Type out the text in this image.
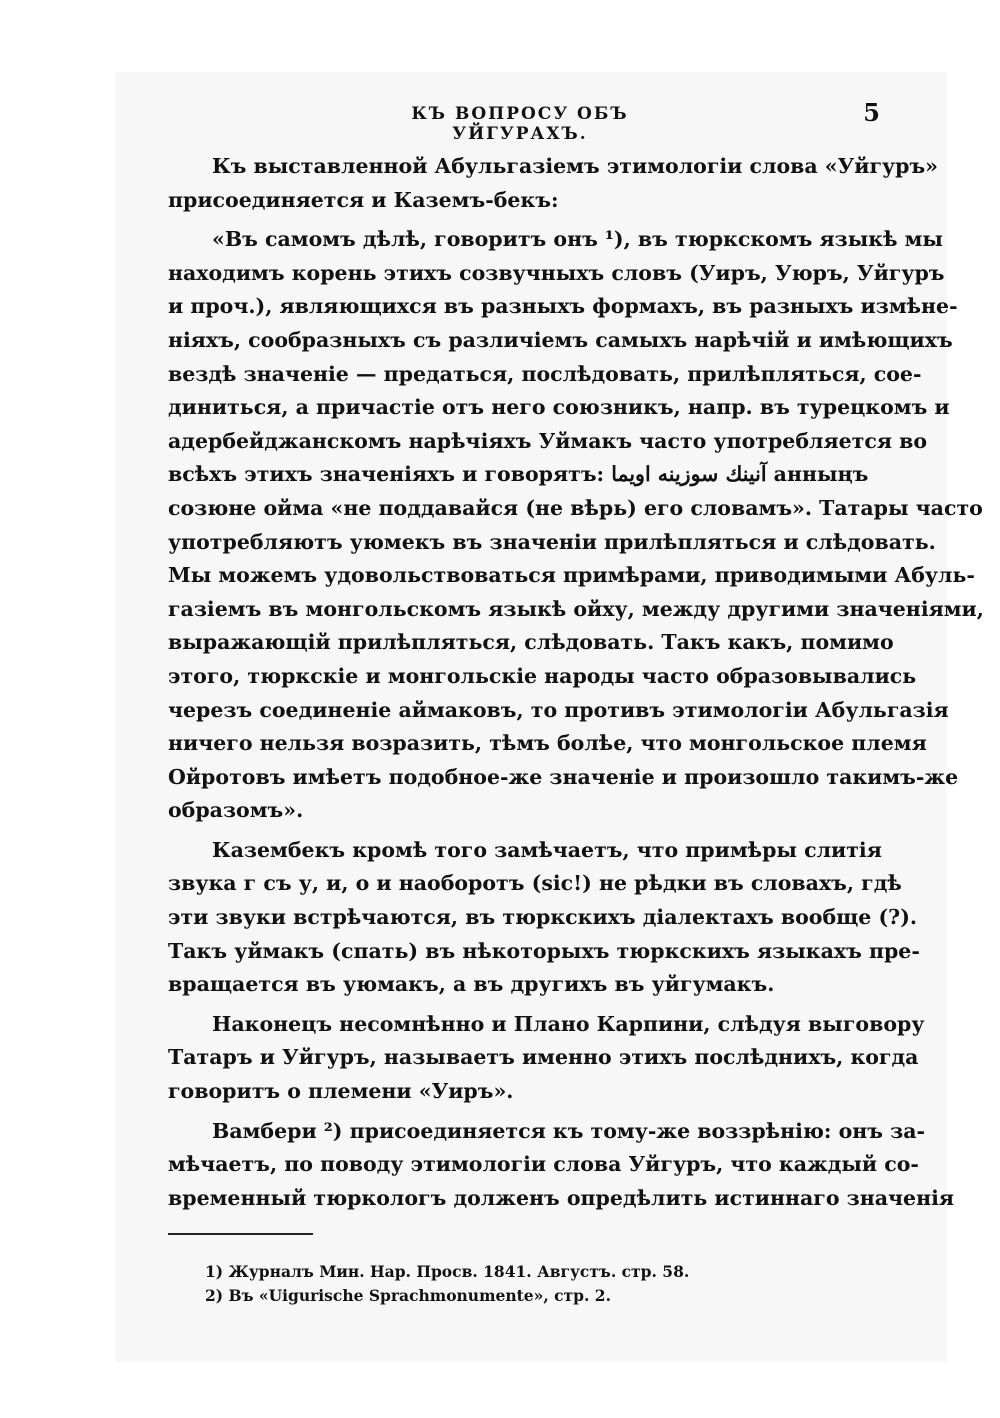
КЪ ВОПРОСУ ОБЪ УЙГУРАХЪ.
5
Къ выставленной Абульгазіемъ этимологіи слова «Уйгуръ»
присоединяется и Каземъ-бекъ:
«Въ самомъ дѣлѣ, говоритъ онъ ¹), въ тюркскомъ языкѣ мы
находимъ корень этихъ созвучныхъ словъ (Уиръ, Уюръ, Уйгуръ
и проч.), являющихся въ разныхъ формахъ, въ разныхъ измѣне-
ніяхъ, сообразныхъ съ различіемъ самыхъ нарѣчій и имѣющихъ
вездѣ значеніе — предаться, послѣдовать, прилѣпляться, сое-
диниться, а причастіе отъ него союзникъ, напр. въ турецкомъ и
адербейджанскомъ нарѣчіяхъ Уймакъ часто употребляется во
всѣхъ этихъ значеніяхъ и говорятъ: آنينك سوزينه اويما анныңъ
созюне ойма «не поддавайся (не вѣрь) его словамъ». Татары часто
употребляютъ уюмекъ въ значеніи прилѣпляться и слѣдовать.
Мы можемъ удовольствоваться примѣрами, приводимыми Абуль-
газіемъ въ монгольскомъ языкѣ ойху, между другими значеніями,
выражающій прилѣпляться, слѣдовать. Такъ какъ, помимо
этого, тюркскіе и монгольскіе народы часто образовывались
черезъ соединеніе аймаковъ, то противъ этимологіи Абульгазія
ничего нельзя возразить, тѣмъ болѣе, что монгольское племя
Ойротовъ имѣетъ подобное-же значеніе и произошло такимъ-же
образомъ».
Казембекъ кромѣ того замѣчаетъ, что примѣры слитія
звука г съ у, и, о и наоборотъ (sic!) не рѣдки въ словахъ, гдѣ
эти звуки встрѣчаются, въ тюркскихъ діалектахъ вообще (?).
Такъ уймакъ (спать) въ нѣкоторыхъ тюркскихъ языкахъ пре-
вращается въ уюмакъ, а въ другихъ въ уйгумакъ.
Наконецъ несомнѣнно и Плано Карпини, слѣдуя выговору
Татаръ и Уйгуръ, называетъ именно этихъ послѣднихъ, когда
говоритъ о племени «Уиръ».
Вамбери ²) присоединяется къ тому-же воззрѣнію: онъ за-
мѣчаетъ, по поводу этимологіи слова Уйгуръ, что каждый со-
временный тюркологъ долженъ опредѣлить истиннаго значенія
1) Журналъ Мин. Нар. Просв. 1841. Августъ. стр. 58.
2) Въ «Uigurische Sprachmonumente», стр. 2.
